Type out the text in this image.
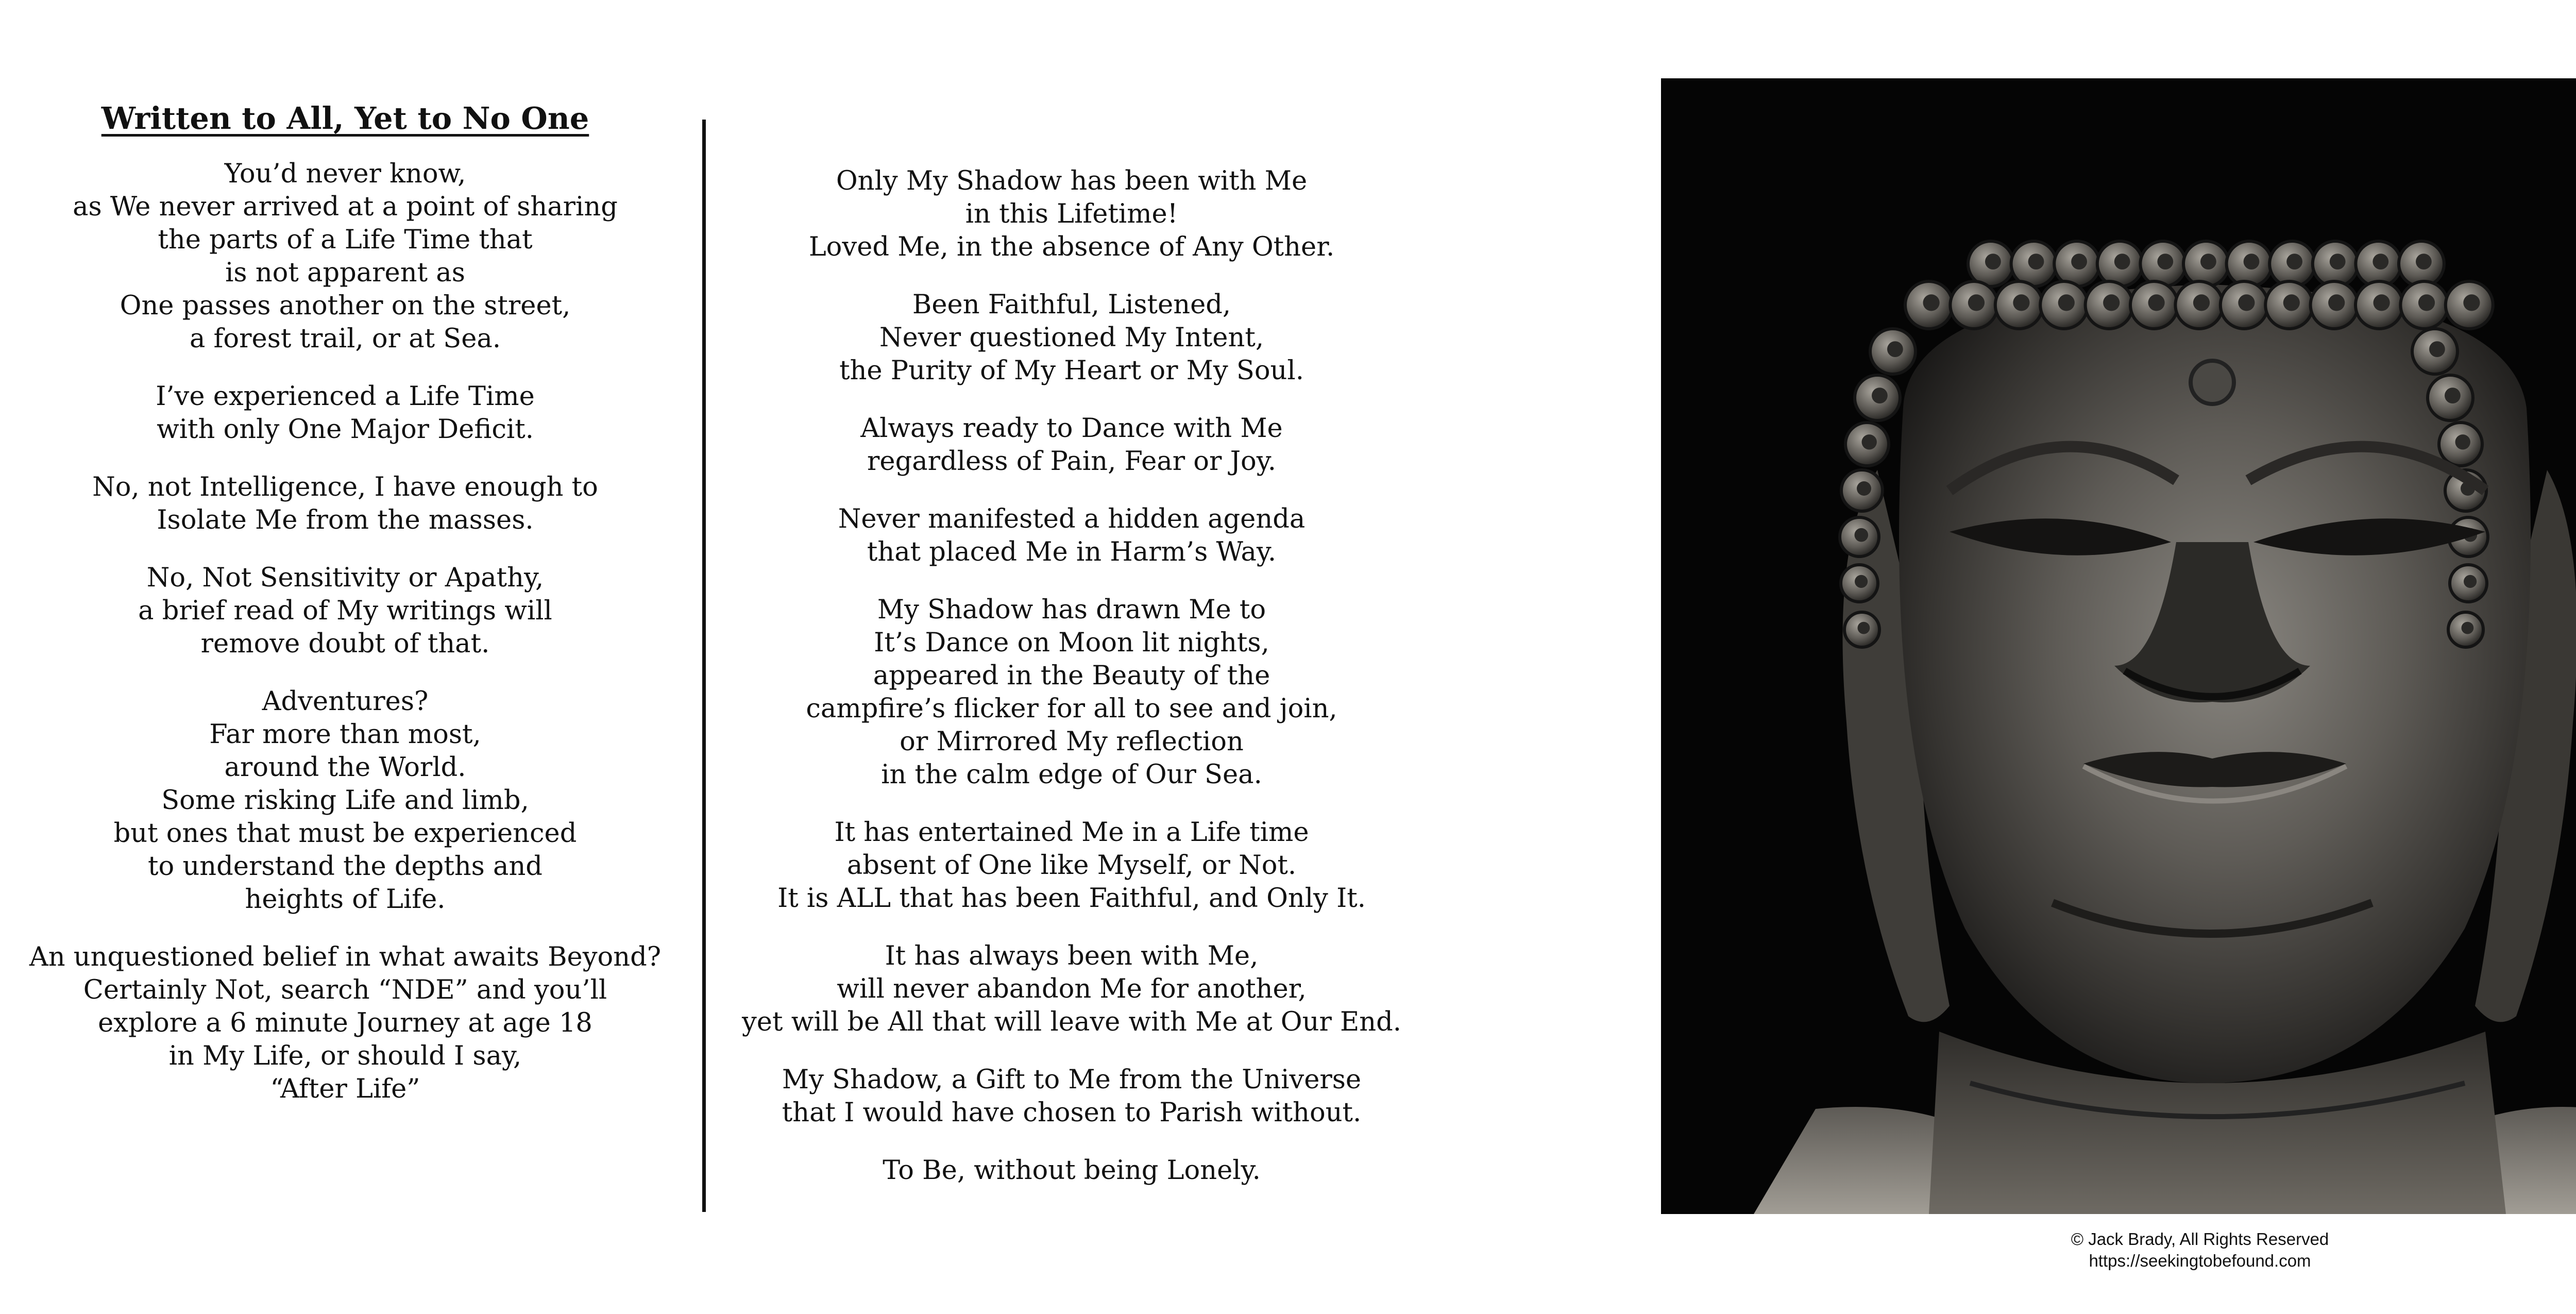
Written to All, Yet to No One
You’d never know,
as We never arrived at a point of sharing
the parts of a Life Time that
is not apparent as
One passes another on the street,
a forest trail, or at Sea.
I’ve experienced a Life Time
with only One Major Deficit.
No, not Intelligence, I have enough to
Isolate Me from the masses.
No, Not Sensitivity or Apathy,
a brief read of My writings will
remove doubt of that.
Adventures?
Far more than most,
around the World.
Some risking Life and limb,
but ones that must be experienced
to understand the depths and
heights of Life.
An unquestioned belief in what awaits Beyond?
Certainly Not, search “NDE” and you’ll
explore a 6 minute Journey at age 18
in My Life, or should I say,
“After Life”
Only My Shadow has been with Me
in this Lifetime!
Loved Me, in the absence of Any Other.
Been Faithful, Listened,
Never questioned My Intent,
the Purity of My Heart or My Soul.
Always ready to Dance with Me
regardless of Pain, Fear or Joy.
Never manifested a hidden agenda
that placed Me in Harm’s Way.
My Shadow has drawn Me to
It’s Dance on Moon lit nights,
appeared in the Beauty of the
campfire’s flicker for all to see and join,
or Mirrored My reflection
in the calm edge of Our Sea.
It has entertained Me in a Life time
absent of One like Myself, or Not.
It is ALL that has been Faithful, and Only It.
It has always been with Me,
will never abandon Me for another,
yet will be All that will leave with Me at Our End.
My Shadow, a Gift to Me from the Universe
that I would have chosen to Parish without.
To Be, without being Lonely.
© Jack Brady, All Rights Reserved
https://seekingtobefound.com
